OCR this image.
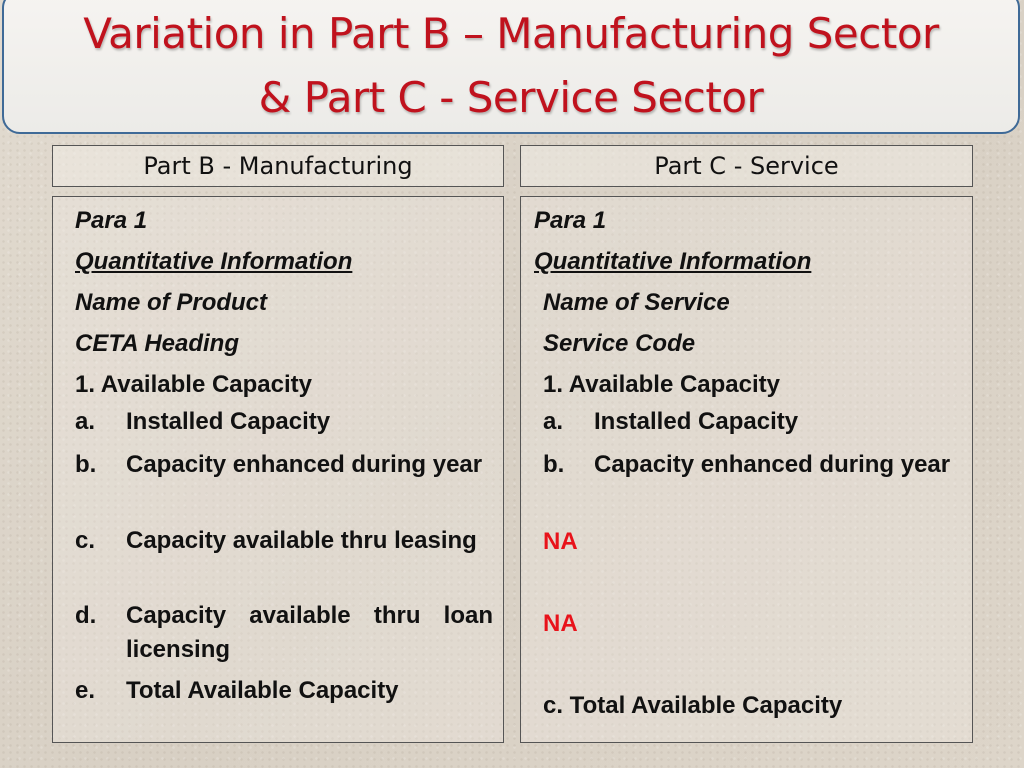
Variation in Part B – Manufacturing Sector
& Part C - Service Sector
Part B - Manufacturing	Part C - Service
Para 1
Quantitative Information
Name of Product
CETA Heading
1. Available Capacity
a. Installed Capacity
b. Capacity enhanced during year
c. Capacity available thru leasing
d. Capacity available thru loan licensing
e. Total Available Capacity
Para 1
Quantitative Information
Name of Service
Service Code
1. Available Capacity
a. Installed Capacity
b. Capacity enhanced during year
NA
NA
c. Total Available Capacity
